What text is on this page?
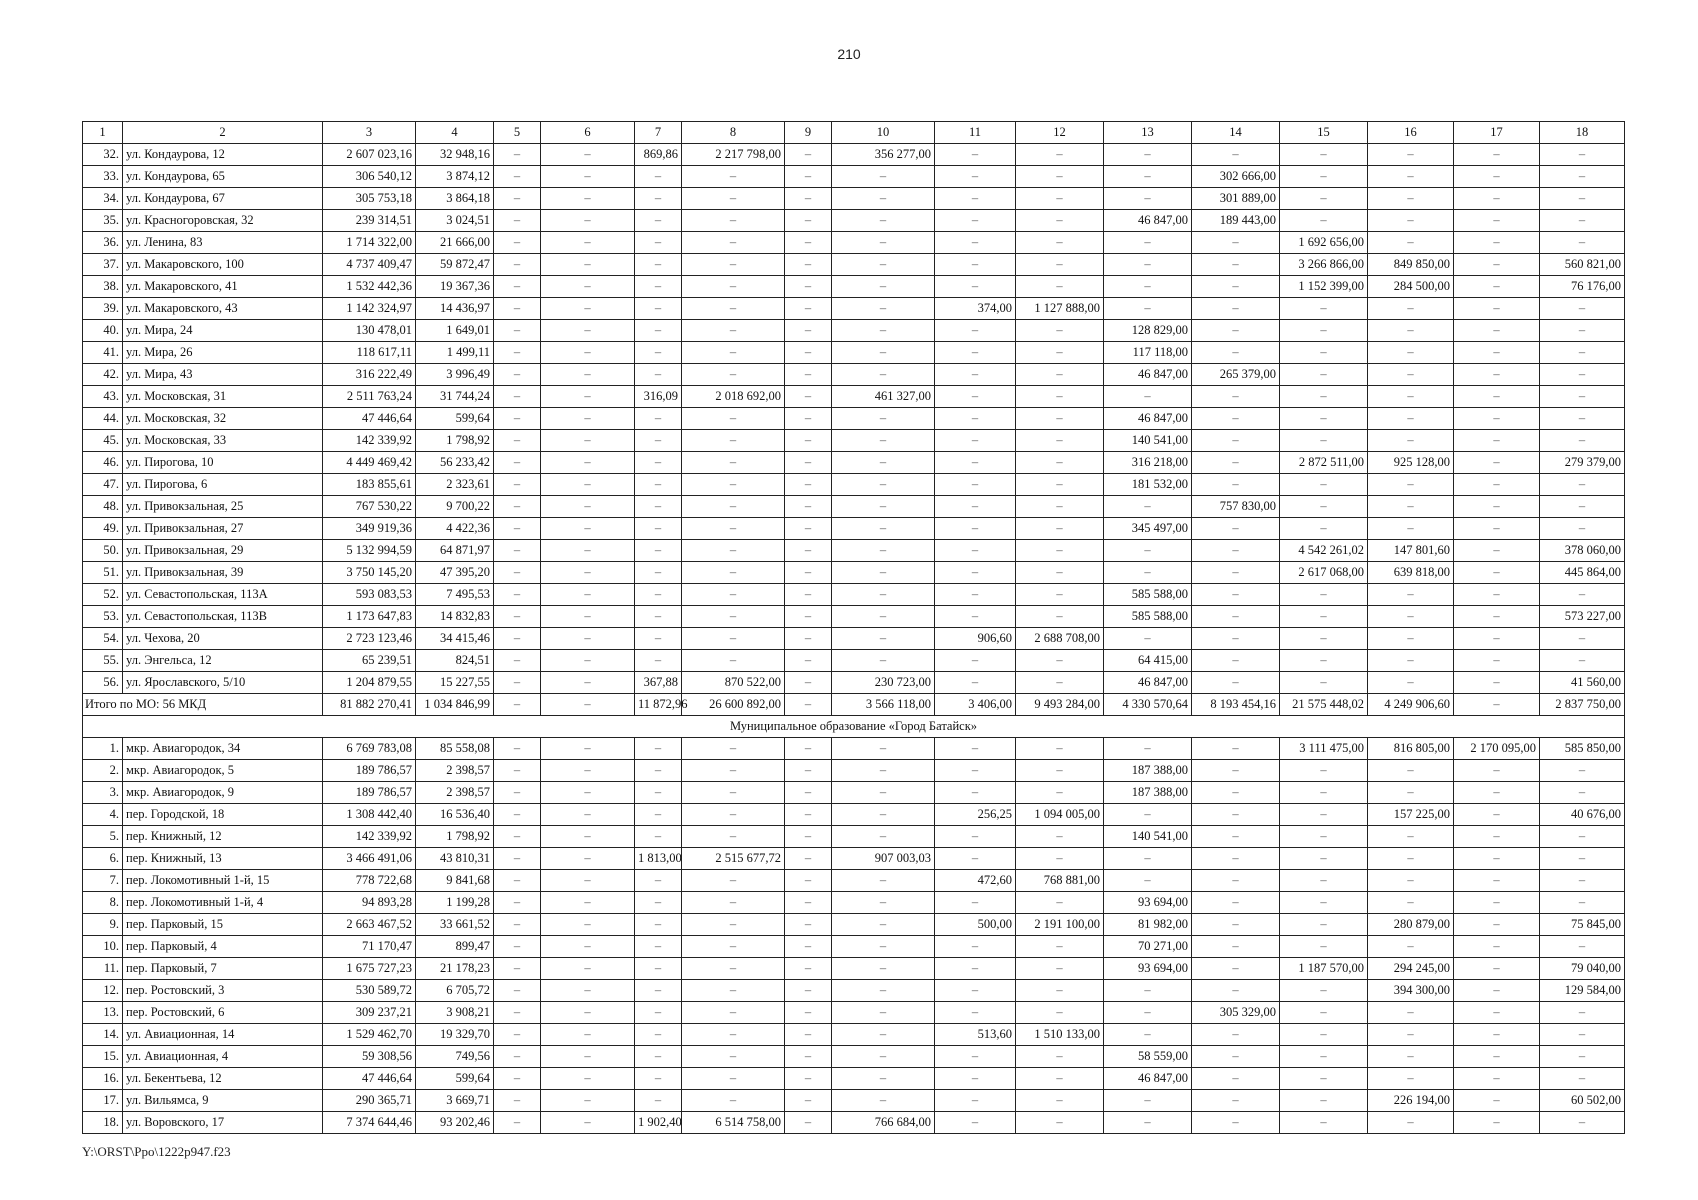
210
1	2	3	4	5	6	7	8	9	10	11	12	13	14	15	16	17	18
32.	ул. Кондаурова, 12	2 607 023,16	32 948,16	–	–	869,86	2 217 798,00	–	356 277,00	–	–	–	–	–	–	–	–
33.	ул. Кондаурова, 65	306 540,12	3 874,12	–	–	–	–	–	–	–	–	–	302 666,00	–	–	–	–
34.	ул. Кондаурова, 67	305 753,18	3 864,18	–	–	–	–	–	–	–	–	–	301 889,00	–	–	–	–
35.	ул. Красногоровская, 32	239 314,51	3 024,51	–	–	–	–	–	–	–	–	46 847,00	189 443,00	–	–	–	–
36.	ул. Ленина, 83	1 714 322,00	21 666,00	–	–	–	–	–	–	–	–	–	–	1 692 656,00	–	–	–
37.	ул. Макаровского, 100	4 737 409,47	59 872,47	–	–	–	–	–	–	–	–	–	–	3 266 866,00	849 850,00	–	560 821,00
38.	ул. Макаровского, 41	1 532 442,36	19 367,36	–	–	–	–	–	–	–	–	–	–	1 152 399,00	284 500,00	–	76 176,00
39.	ул. Макаровского, 43	1 142 324,97	14 436,97	–	–	–	–	–	–	374,00	1 127 888,00	–	–	–	–	–	–
40.	ул. Мира, 24	130 478,01	1 649,01	–	–	–	–	–	–	–	–	128 829,00	–	–	–	–	–
41.	ул. Мира, 26	118 617,11	1 499,11	–	–	–	–	–	–	–	–	117 118,00	–	–	–	–	–
42.	ул. Мира, 43	316 222,49	3 996,49	–	–	–	–	–	–	–	–	46 847,00	265 379,00	–	–	–	–
43.	ул. Московская, 31	2 511 763,24	31 744,24	–	–	316,09	2 018 692,00	–	461 327,00	–	–	–	–	–	–	–	–
44.	ул. Московская, 32	47 446,64	599,64	–	–	–	–	–	–	–	–	46 847,00	–	–	–	–	–
45.	ул. Московская, 33	142 339,92	1 798,92	–	–	–	–	–	–	–	–	140 541,00	–	–	–	–	–
46.	ул. Пирогова, 10	4 449 469,42	56 233,42	–	–	–	–	–	–	–	–	316 218,00	–	2 872 511,00	925 128,00	–	279 379,00
47.	ул. Пирогова, 6	183 855,61	2 323,61	–	–	–	–	–	–	–	–	181 532,00	–	–	–	–	–
48.	ул. Привокзальная, 25	767 530,22	9 700,22	–	–	–	–	–	–	–	–	–	757 830,00	–	–	–	–
49.	ул. Привокзальная, 27	349 919,36	4 422,36	–	–	–	–	–	–	–	–	345 497,00	–	–	–	–	–
50.	ул. Привокзальная, 29	5 132 994,59	64 871,97	–	–	–	–	–	–	–	–	–	–	4 542 261,02	147 801,60	–	378 060,00
51.	ул. Привокзальная, 39	3 750 145,20	47 395,20	–	–	–	–	–	–	–	–	–	–	2 617 068,00	639 818,00	–	445 864,00
52.	ул. Севастопольская, 113А	593 083,53	7 495,53	–	–	–	–	–	–	–	–	585 588,00	–	–	–	–	–
53.	ул. Севастопольская, 113В	1 173 647,83	14 832,83	–	–	–	–	–	–	–	–	585 588,00	–	–	–	–	573 227,00
54.	ул. Чехова, 20	2 723 123,46	34 415,46	–	–	–	–	–	–	906,60	2 688 708,00	–	–	–	–	–	–
55.	ул. Энгельса, 12	65 239,51	824,51	–	–	–	–	–	–	–	–	64 415,00	–	–	–	–	–
56.	ул. Ярославского, 5/10	1 204 879,55	15 227,55	–	–	367,88	870 522,00	–	230 723,00	–	–	46 847,00	–	–	–	–	41 560,00
Итого по МО: 56 МКД		81 882 270,41	1 034 846,99	–	–	11 872,96	26 600 892,00	–	3 566 118,00	3 406,00	9 493 284,00	4 330 570,64	8 193 454,16	21 575 448,02	4 249 906,60	–	2 837 750,00
Муниципальное образование «Город Батайск»																	
1.	мкр. Авиагородок, 34	6 769 783,08	85 558,08	–	–	–	–	–	–	–	–	–	–	3 111 475,00	816 805,00	2 170 095,00	585 850,00
2.	мкр. Авиагородок, 5	189 786,57	2 398,57	–	–	–	–	–	–	–	–	187 388,00	–	–	–	–	–
3.	мкр. Авиагородок, 9	189 786,57	2 398,57	–	–	–	–	–	–	–	–	187 388,00	–	–	–	–	–
4.	пер. Городской, 18	1 308 442,40	16 536,40	–	–	–	–	–	–	256,25	1 094 005,00	–	–	–	157 225,00	–	40 676,00
5.	пер. Книжный, 12	142 339,92	1 798,92	–	–	–	–	–	–	–	–	140 541,00	–	–	–	–	–
6.	пер. Книжный, 13	3 466 491,06	43 810,31	–	–	1 813,00	2 515 677,72	–	907 003,03	–	–	–	–	–	–	–	–
7.	пер. Локомотивный 1-й, 15	778 722,68	9 841,68	–	–	–	–	–	–	472,60	768 881,00	–	–	–	–	–	–
8.	пер. Локомотивный 1-й, 4	94 893,28	1 199,28	–	–	–	–	–	–	–	–	93 694,00	–	–	–	–	–
9.	пер. Парковый, 15	2 663 467,52	33 661,52	–	–	–	–	–	–	500,00	2 191 100,00	81 982,00	–	–	280 879,00	–	75 845,00
10.	пер. Парковый, 4	71 170,47	899,47	–	–	–	–	–	–	–	–	70 271,00	–	–	–	–	–
11.	пер. Парковый, 7	1 675 727,23	21 178,23	–	–	–	–	–	–	–	–	93 694,00	–	1 187 570,00	294 245,00	–	79 040,00
12.	пер. Ростовский, 3	530 589,72	6 705,72	–	–	–	–	–	–	–	–	–	–	–	394 300,00	–	129 584,00
13.	пер. Ростовский, 6	309 237,21	3 908,21	–	–	–	–	–	–	–	–	–	305 329,00	–	–	–	–
14.	ул. Авиационная, 14	1 529 462,70	19 329,70	–	–	–	–	–	–	513,60	1 510 133,00	–	–	–	–	–	–
15.	ул. Авиационная, 4	59 308,56	749,56	–	–	–	–	–	–	–	–	58 559,00	–	–	–	–	–
16.	ул. Бекентьева, 12	47 446,64	599,64	–	–	–	–	–	–	–	–	46 847,00	–	–	–	–	–
17.	ул. Вильямса, 9	290 365,71	3 669,71	–	–	–	–	–	–	–	–	–	–	–	226 194,00	–	60 502,00
18.	ул. Воровского, 17	7 374 644,46	93 202,46	–	–	1 902,40	6 514 758,00	–	766 684,00	–	–	–	–	–	–	–	–
Y:\ORST\Ppo\1222p947.f23
